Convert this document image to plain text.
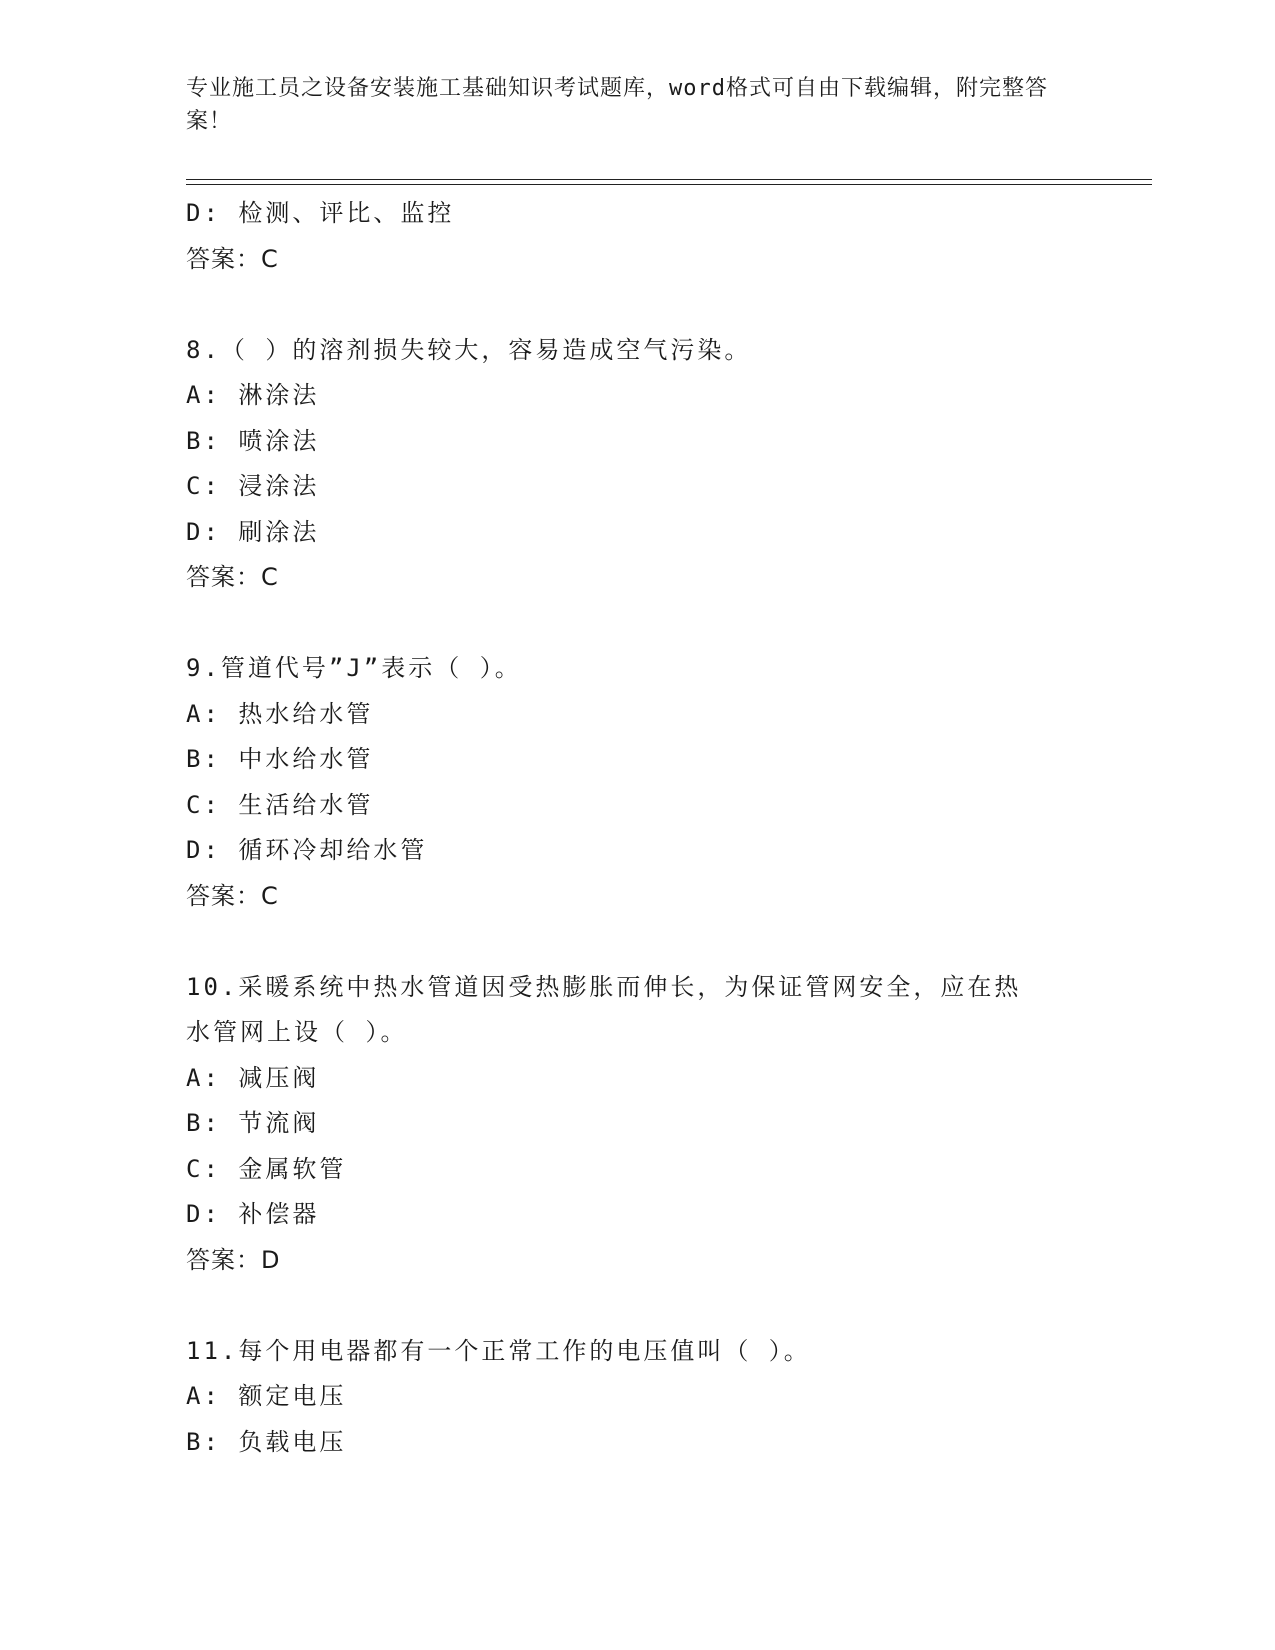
专业施工员之设备安装施工基础知识考试题库，word格式可自由下载编辑，附完整答案！
D: 检测、评比、监控
答案：C
8.（ ）的溶剂损失较大，容易造成空气污染。
A: 淋涂法
B: 喷涂法
C: 浸涂法
D: 刷涂法
答案：C
9.管道代号”J”表示（ ）。
A: 热水给水管
B: 中水给水管
C: 生活给水管
D: 循环冷却给水管
答案：C
10.采暖系统中热水管道因受热膨胀而伸长，为保证管网安全，应在热
水管网上设（ ）。
A: 减压阀
B: 节流阀
C: 金属软管
D: 补偿器
答案：D
11.每个用电器都有一个正常工作的电压值叫（ ）。
A: 额定电压
B: 负载电压
